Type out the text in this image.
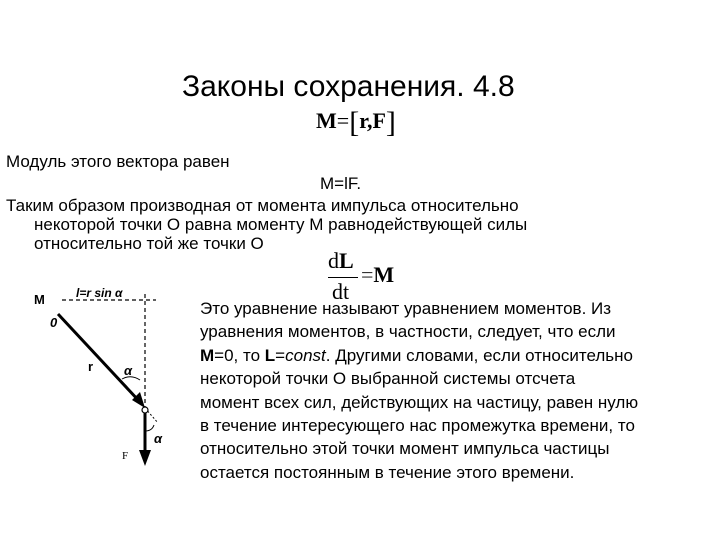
Законы сохранения. 4.8
M=[r,F]
Модуль этого вектора равен
M=lF.
Таким образом производная от момента импульса относительно
некоторой точки О равна моменту М равнодействующей силы
относительно той же точки О
dL
dt
=M
M	l=r sin α
0
r α
α
F
Это уравнение называют уравнением моментов. Из
уравнения моментов, в частности, следует, что если
M=0, то L=const. Другими словами, если относительно
некоторой точки О выбранной системы отсчета
момент всех сил, действующих на частицу, равен нулю
в течение интересующего нас промежутка времени, то
относительно этой точки момент импульса частицы
остается постоянным в течение этого времени.
